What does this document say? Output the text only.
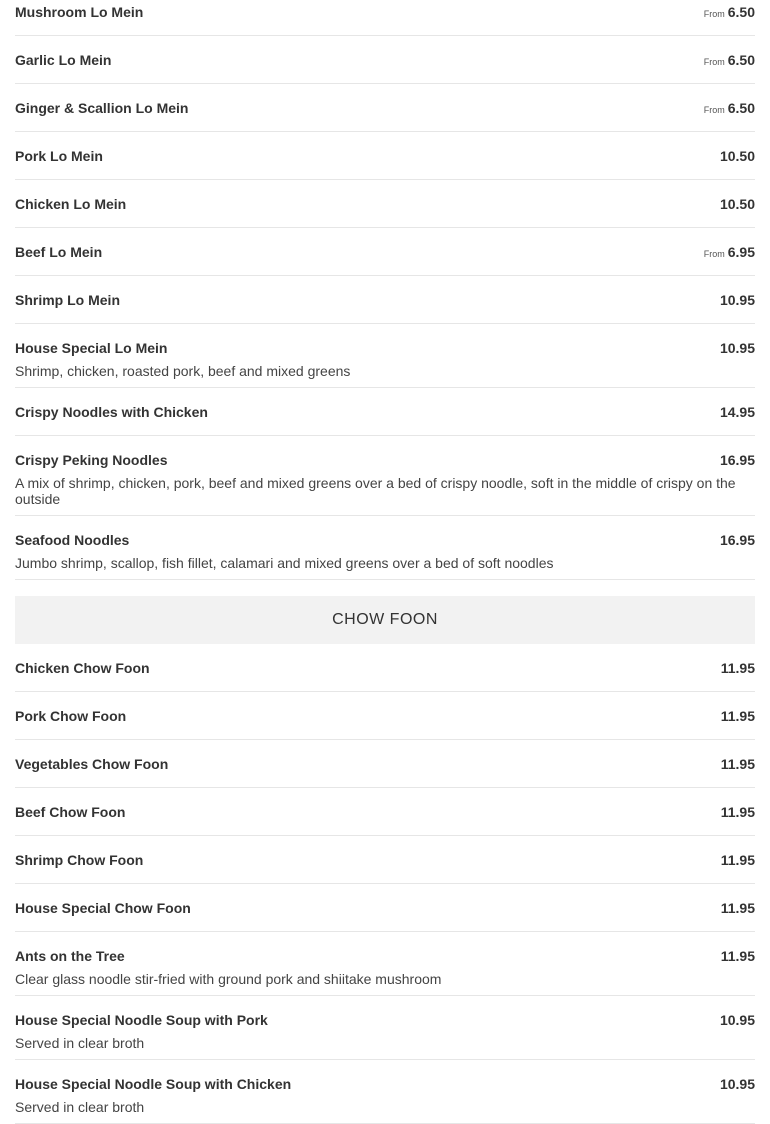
Mushroom Lo Mein	From 6.50
Garlic Lo Mein	From 6.50
Ginger & Scallion Lo Mein	From 6.50
Pork Lo Mein	10.50
Chicken Lo Mein	10.50
Beef Lo Mein	From 6.95
Shrimp Lo Mein	10.95
House Special Lo Mein	10.95
Shrimp, chicken, roasted pork, beef and mixed greens
Crispy Noodles with Chicken	14.95
Crispy Peking Noodles	16.95
A mix of shrimp, chicken, pork, beef and mixed greens over a bed of crispy noodle, soft in the middle of crispy on the outside
Seafood Noodles	16.95
Jumbo shrimp, scallop, fish fillet, calamari and mixed greens over a bed of soft noodles
CHOW FOON
Chicken Chow Foon	11.95
Pork Chow Foon	11.95
Vegetables Chow Foon	11.95
Beef Chow Foon	11.95
Shrimp Chow Foon	11.95
House Special Chow Foon	11.95
Ants on the Tree	11.95
Clear glass noodle stir-fried with ground pork and shiitake mushroom
House Special Noodle Soup with Pork	10.95
Served in clear broth
House Special Noodle Soup with Chicken	10.95
Served in clear broth
